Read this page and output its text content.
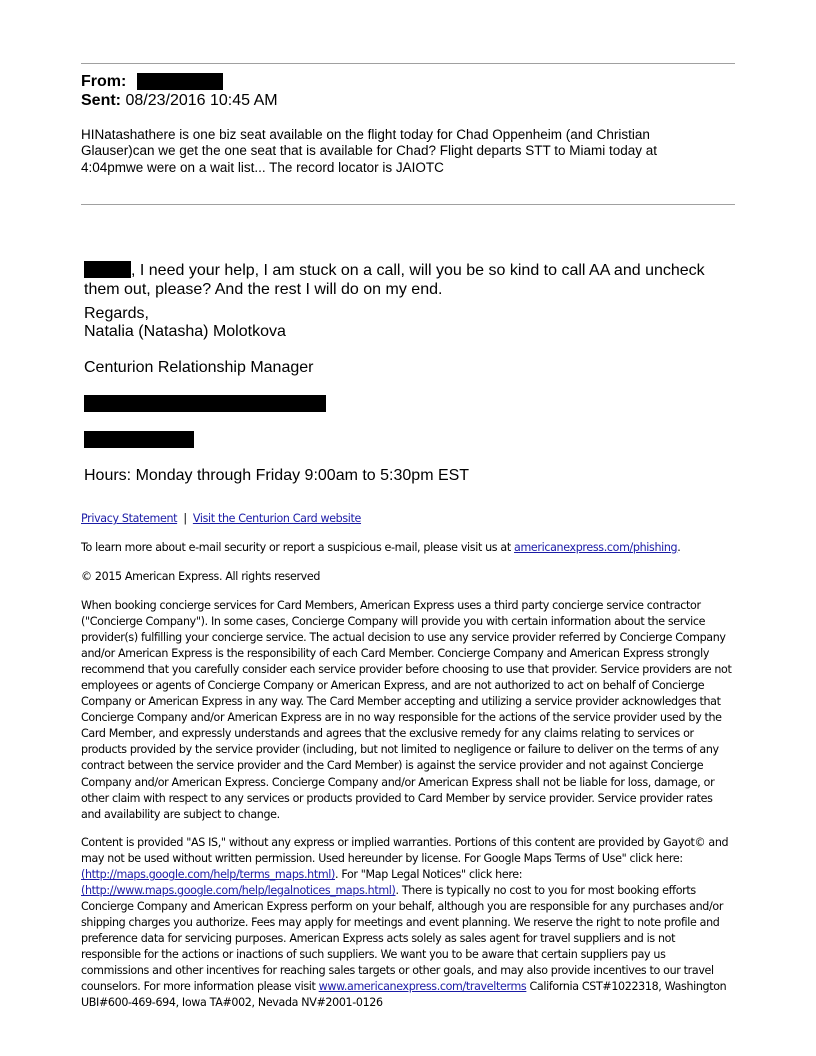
From:
Sent: 08/23/2016 10:45 AM
HINatashathere is one biz seat available on the flight today for Chad Oppenheim (and Christian
Glauser)can we get the one seat that is available for Chad? Flight departs STT to Miami today at
4:04pmwe were on a wait list... The record locator is JAIOTC
, I need your help, I am stuck on a call, will you be so kind to call AA and uncheck
them out, please? And the rest I will do on my end.
Regards,
Natalia (Natasha) Molotkova
Centurion Relationship Manager
Hours: Monday through Friday 9:00am to 5:30pm EST
Privacy Statement | Visit the Centurion Card website
To learn more about e-mail security or report a suspicious e-mail, please visit us at americanexpress.com/phishing.
© 2015 American Express. All rights reserved
When booking concierge services for Card Members, American Express uses a third party concierge service contractor
("Concierge Company"). In some cases, Concierge Company will provide you with certain information about the service
provider(s) fulfilling your concierge service. The actual decision to use any service provider referred by Concierge Company
and/or American Express is the responsibility of each Card Member. Concierge Company and American Express strongly
recommend that you carefully consider each service provider before choosing to use that provider. Service providers are not
employees or agents of Concierge Company or American Express, and are not authorized to act on behalf of Concierge
Company or American Express in any way. The Card Member accepting and utilizing a service provider acknowledges that
Concierge Company and/or American Express are in no way responsible for the actions of the service provider used by the
Card Member, and expressly understands and agrees that the exclusive remedy for any claims relating to services or
products provided by the service provider (including, but not limited to negligence or failure to deliver on the terms of any
contract between the service provider and the Card Member) is against the service provider and not against Concierge
Company and/or American Express. Concierge Company and/or American Express shall not be liable for loss, damage, or
other claim with respect to any services or products provided to Card Member by service provider. Service provider rates
and availability are subject to change.
Content is provided "AS IS," without any express or implied warranties. Portions of this content are provided by Gayot© and
may not be used without written permission. Used hereunder by license. For Google Maps Terms of Use" click here:
(http://maps.google.com/help/terms_maps.html). For "Map Legal Notices" click here:
(http://www.maps.google.com/help/legalnotices_maps.html). There is typically no cost to you for most booking efforts
Concierge Company and American Express perform on your behalf, although you are responsible for any purchases and/or
shipping charges you authorize. Fees may apply for meetings and event planning. We reserve the right to note profile and
preference data for servicing purposes. American Express acts solely as sales agent for travel suppliers and is not
responsible for the actions or inactions of such suppliers. We want you to be aware that certain suppliers pay us
commissions and other incentives for reaching sales targets or other goals, and may also provide incentives to our travel
counselors. For more information please visit www.americanexpress.com/travelterms California CST#1022318, Washington
UBI#600-469-694, Iowa TA#002, Nevada NV#2001-0126
